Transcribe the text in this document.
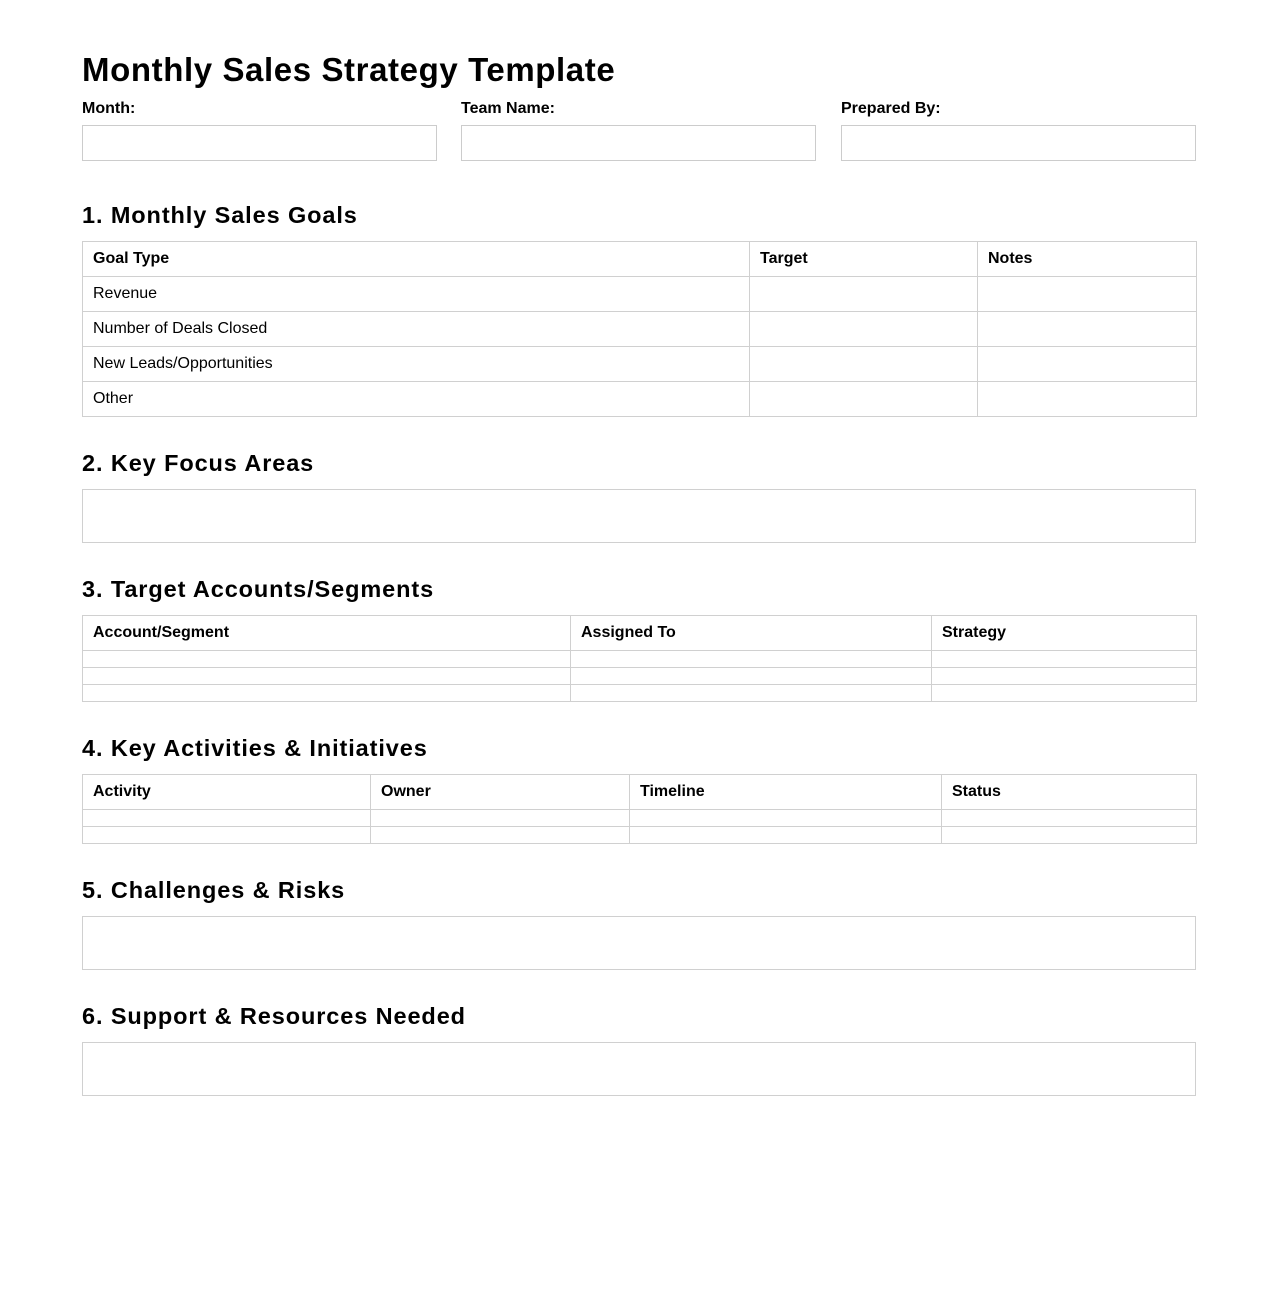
Monthly Sales Strategy Template
Month:	Team Name:	Prepared By:
1. Monthly Sales Goals
Goal Type	Target	Notes
Revenue		
Number of Deals Closed		
New Leads/Opportunities		
Other		
2. Key Focus Areas
3. Target Accounts/Segments
Account/Segment	Assigned To	Strategy

4. Key Activities & Initiatives
Activity	Owner	Timeline	Status

5. Challenges & Risks
6. Support & Resources Needed
